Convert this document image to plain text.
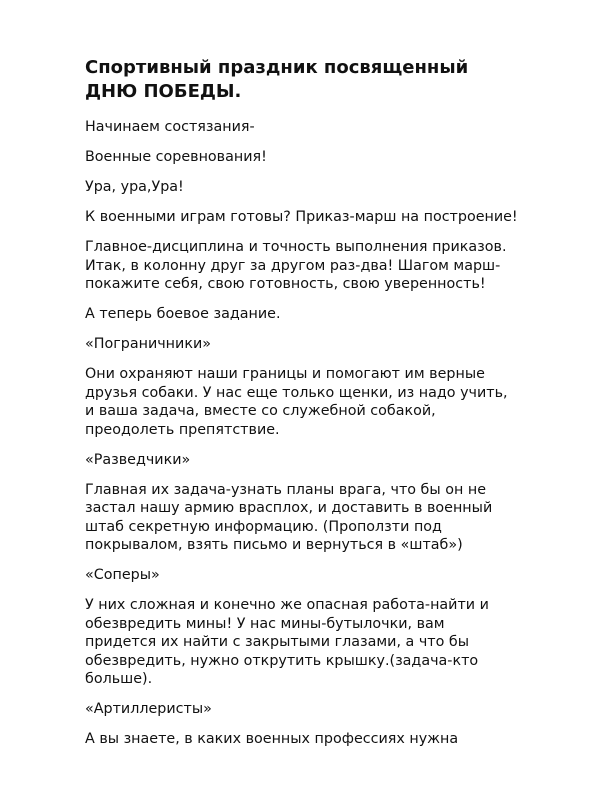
Спортивный праздник посвященный
ДНЮ ПОБЕДЫ.

Начинаем состязания-

Военные соревнования!

Ура, ура,Ура!

К военными играм готовы? Приказ-марш на построение!

Главное-дисциплина и точность выполнения приказов.
Итак, в колонну друг за другом раз-два! Шагом марш-
покажите себя, свою готовность, свою уверенность!

А теперь боевое задание.

«Пограничники»

Они охраняют наши границы и помогают им верные
друзья собаки. У нас еще только щенки, из надо учить,
и ваша задача, вместе со служебной собакой,
преодолеть препятствие.

«Разведчики»

Главная их задача-узнать планы врага, что бы он не
застал нашу армию врасплох, и доставить в военный
штаб секретную информацию. (Проползти под
покрывалом, взять письмо и вернуться в «штаб»)

«Соперы»

У них сложная и конечно же опасная работа-найти и
обезвредить мины! У нас мины-бутылочки, вам
придется их найти с закрытыми глазами, а что бы
обезвредить, нужно открутить крышку.(задача-кто
больше).

«Артиллеристы»

А вы знаете, в каких военных профессиях нужна
